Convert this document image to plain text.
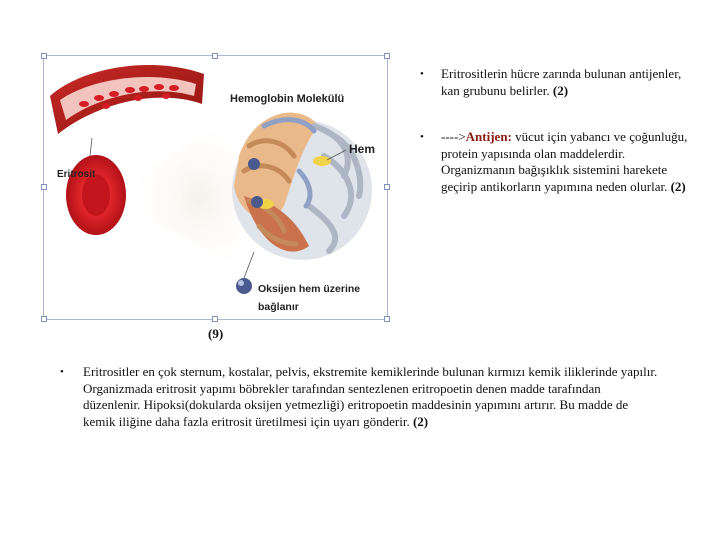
Hemoglobin Molekülü
Hem
Eritrosit
Oksijen hem üzerine
bağlanır
(9)
• Eritrositlerin hücre zarında bulunan antijenler, kan grubunu belirler. (2)
• ---->Antijen: vücut için yabancı ve çoğunluğu, protein yapısında olan maddelerdir. Organizmanın bağışıklık sistemini harekete geçirip antikorların yapımına neden olurlar. (2)
• Eritrositler en çok sternum, kostalar, pelvis, ekstremite kemiklerinde bulunan kırmızı kemik iliklerinde yapılır. Organizmada eritrosit yapımı böbrekler tarafından sentezlenen eritropoetin denen madde tarafından düzenlenir. Hipoksi(dokularda oksijen yetmezliği) eritropoetin maddesinin yapımını artırır. Bu madde de kemik iliğine daha fazla eritrosit üretilmesi için uyarı gönderir. (2)
